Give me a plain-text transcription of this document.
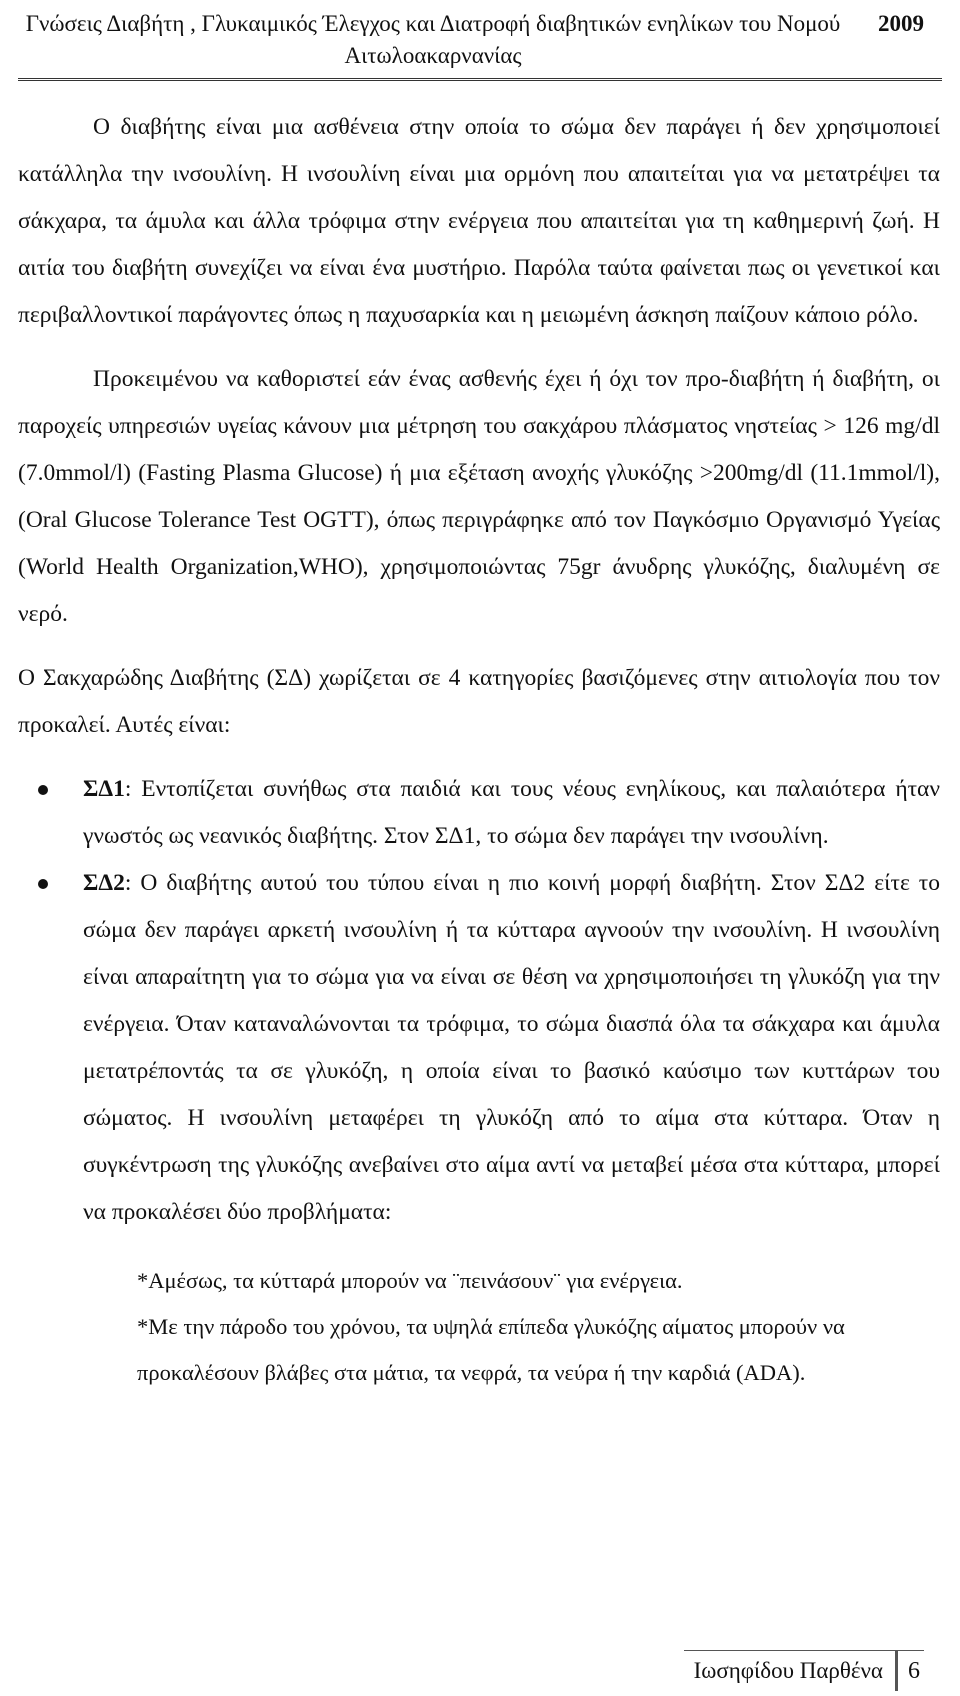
Γνώσεις Διαβήτη , Γλυκαιμικός Έλεγχος και Διατροφή διαβητικών ενηλίκων του Νομού Αιτωλοακαρνανίας
2009

Ο διαβήτης είναι μια ασθένεια στην οποία το σώμα δεν παράγει ή δεν χρησιμοποιεί κατάλληλα την ινσουλίνη. Η ινσουλίνη είναι μια ορμόνη που απαιτείται για να μετατρέψει τα σάκχαρα, τα άμυλα και άλλα τρόφιμα στην ενέργεια που απαιτείται για τη καθημερινή ζωή. Η αιτία του διαβήτη συνεχίζει να είναι ένα μυστήριο. Παρόλα ταύτα φαίνεται πως οι γενετικοί και περιβαλλοντικοί παράγοντες όπως η παχυσαρκία και η μειωμένη άσκηση παίζουν κάποιο ρόλο.

Προκειμένου να καθοριστεί εάν ένας ασθενής έχει ή όχι τον προ-διαβήτη ή διαβήτη, οι παροχείς υπηρεσιών υγείας κάνουν μια μέτρηση του σακχάρου πλάσματος νηστείας > 126 mg/dl (7.0mmol/l) (Fasting Plasma Glucose) ή μια εξέταση ανοχής γλυκόζης >200mg/dl (11.1mmol/l), (Oral Glucose Tolerance Test OGTT), όπως περιγράφηκε από τον Παγκόσμιο Οργανισμό Υγείας (World Health Organization,WHO), χρησιμοποιώντας 75gr άνυδρης γλυκόζης, διαλυμένη σε νερό.

Ο Σακχαρώδης Διαβήτης (ΣΔ) χωρίζεται σε 4 κατηγορίες βασιζόμενες στην αιτιολογία που τον προκαλεί. Αυτές είναι:

ΣΔ1: Εντοπίζεται συνήθως στα παιδιά και τους νέους ενηλίκους, και παλαιότερα ήταν γνωστός ως νεανικός διαβήτης. Στον ΣΔ1, το σώμα δεν παράγει την ινσουλίνη.
ΣΔ2: Ο διαβήτης αυτού του τύπου είναι η πιο κοινή μορφή διαβήτη. Στον ΣΔ2 είτε το σώμα δεν παράγει αρκετή ινσουλίνη ή τα κύτταρα αγνοούν την ινσουλίνη. Η ινσουλίνη είναι απαραίτητη για το σώμα για να είναι σε θέση να χρησιμοποιήσει τη γλυκόζη για την ενέργεια. Όταν καταναλώνονται τα τρόφιμα, το σώμα διασπά όλα τα σάκχαρα και άμυλα μετατρέποντάς τα σε γλυκόζη, η οποία είναι το βασικό καύσιμο των κυττάρων του σώματος. Η ινσουλίνη μεταφέρει τη γλυκόζη από το αίμα στα κύτταρα. Όταν η συγκέντρωση της γλυκόζης ανεβαίνει στο αίμα αντί να μεταβεί μέσα στα κύτταρα, μπορεί να προκαλέσει δύο προβλήματα:

*Αμέσως, τα κύτταρά μπορούν να ¨πεινάσουν¨ για ενέργεια.

*Με την πάροδο του χρόνου, τα υψηλά επίπεδα γλυκόζης αίματος μπορούν να προκαλέσουν βλάβες στα μάτια, τα νεφρά, τα νεύρα ή την καρδιά (ADA).

Ιωσηφίδου Παρθένα	6
